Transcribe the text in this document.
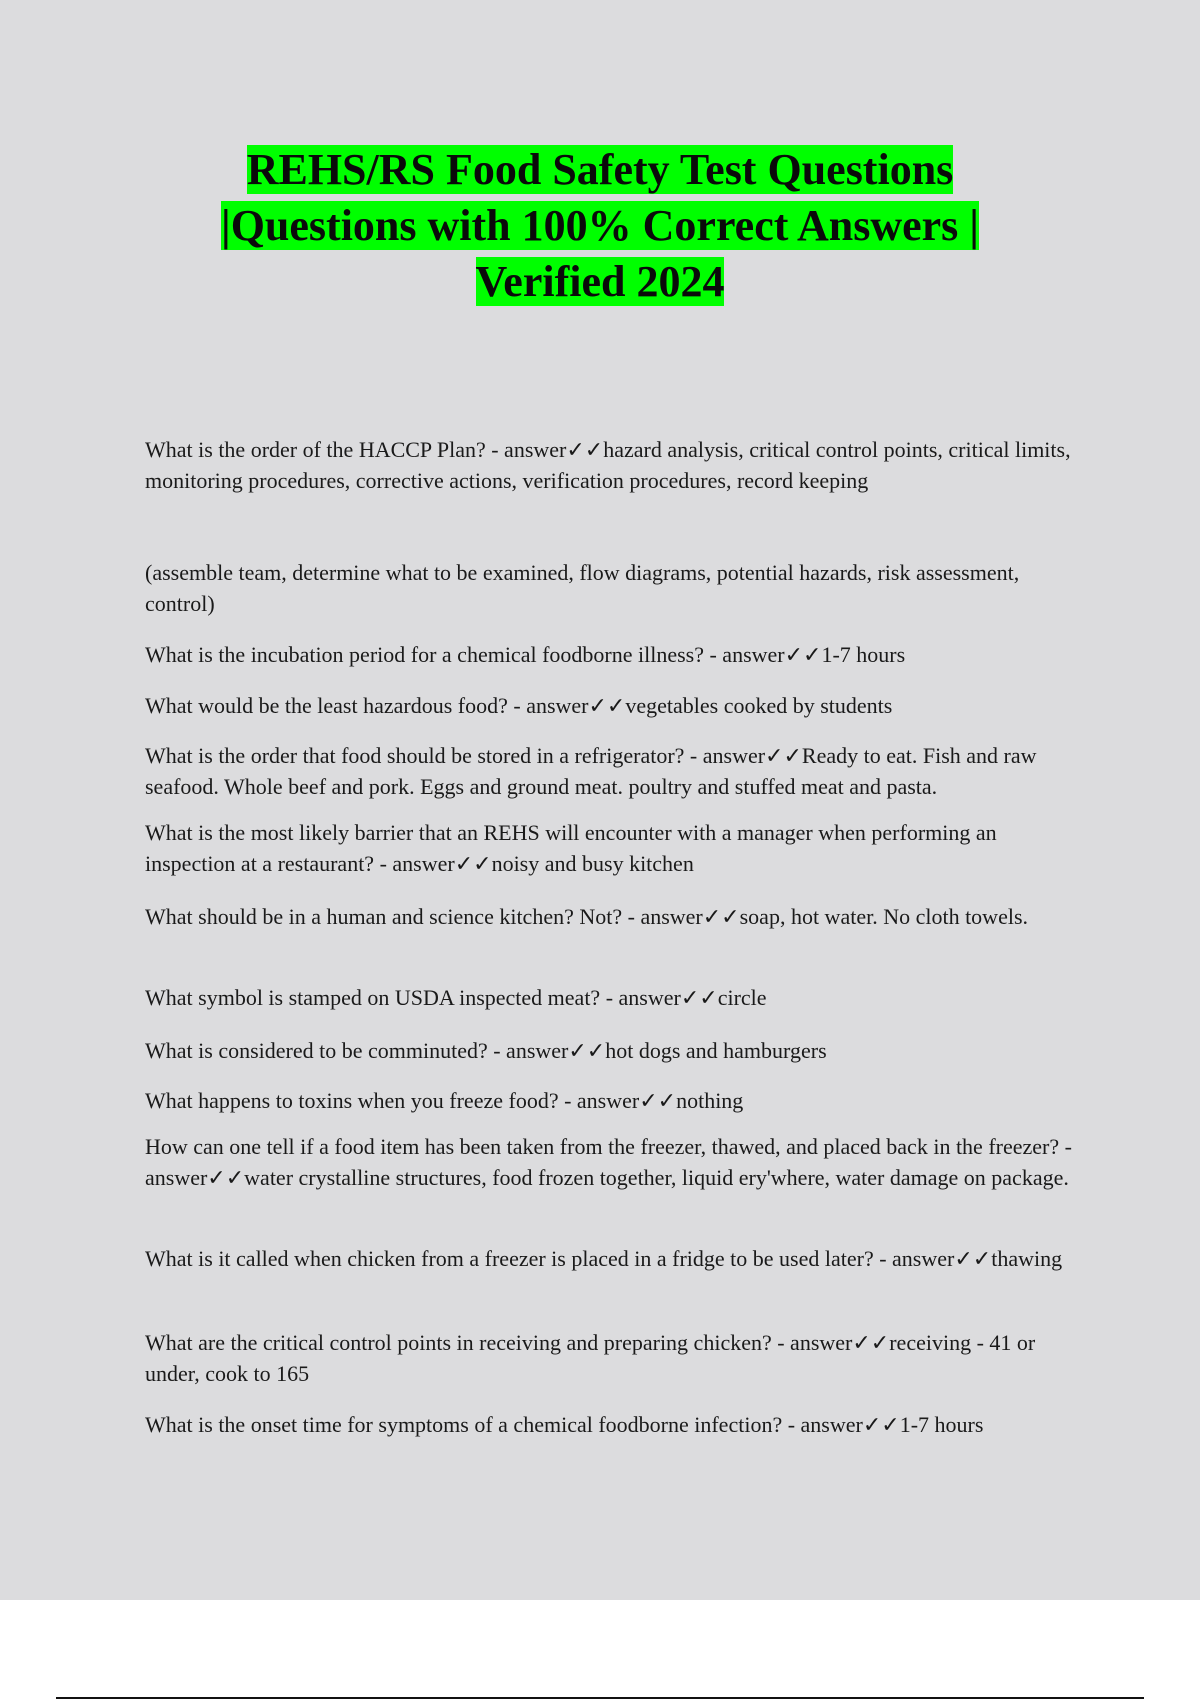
REHS/RS Food Safety Test Questions |Questions with 100% Correct Answers | Verified 2024

What is the order of the HACCP Plan? - answer✓✓hazard analysis, critical control points, critical limits, monitoring procedures, corrective actions, verification procedures, record keeping

(assemble team, determine what to be examined, flow diagrams, potential hazards, risk assessment, control)

What is the incubation period for a chemical foodborne illness? - answer✓✓1-7 hours

What would be the least hazardous food? - answer✓✓vegetables cooked by students

What is the order that food should be stored in a refrigerator? - answer✓✓Ready to eat. Fish and raw seafood. Whole beef and pork. Eggs and ground meat. poultry and stuffed meat and pasta.

What is the most likely barrier that an REHS will encounter with a manager when performing an inspection at a restaurant? - answer✓✓noisy and busy kitchen

What should be in a human and science kitchen? Not? - answer✓✓soap, hot water. No cloth towels.

What symbol is stamped on USDA inspected meat? - answer✓✓circle

What is considered to be comminuted? - answer✓✓hot dogs and hamburgers

What happens to toxins when you freeze food? - answer✓✓nothing

How can one tell if a food item has been taken from the freezer, thawed, and placed back in the freezer? - answer✓✓water crystalline structures, food frozen together, liquid ery'where, water damage on package.

What is it called when chicken from a freezer is placed in a fridge to be used later? - answer✓✓thawing

What are the critical control points in receiving and preparing chicken? - answer✓✓receiving - 41 or under, cook to 165

What is the onset time for symptoms of a chemical foodborne infection? - answer✓✓1-7 hours
